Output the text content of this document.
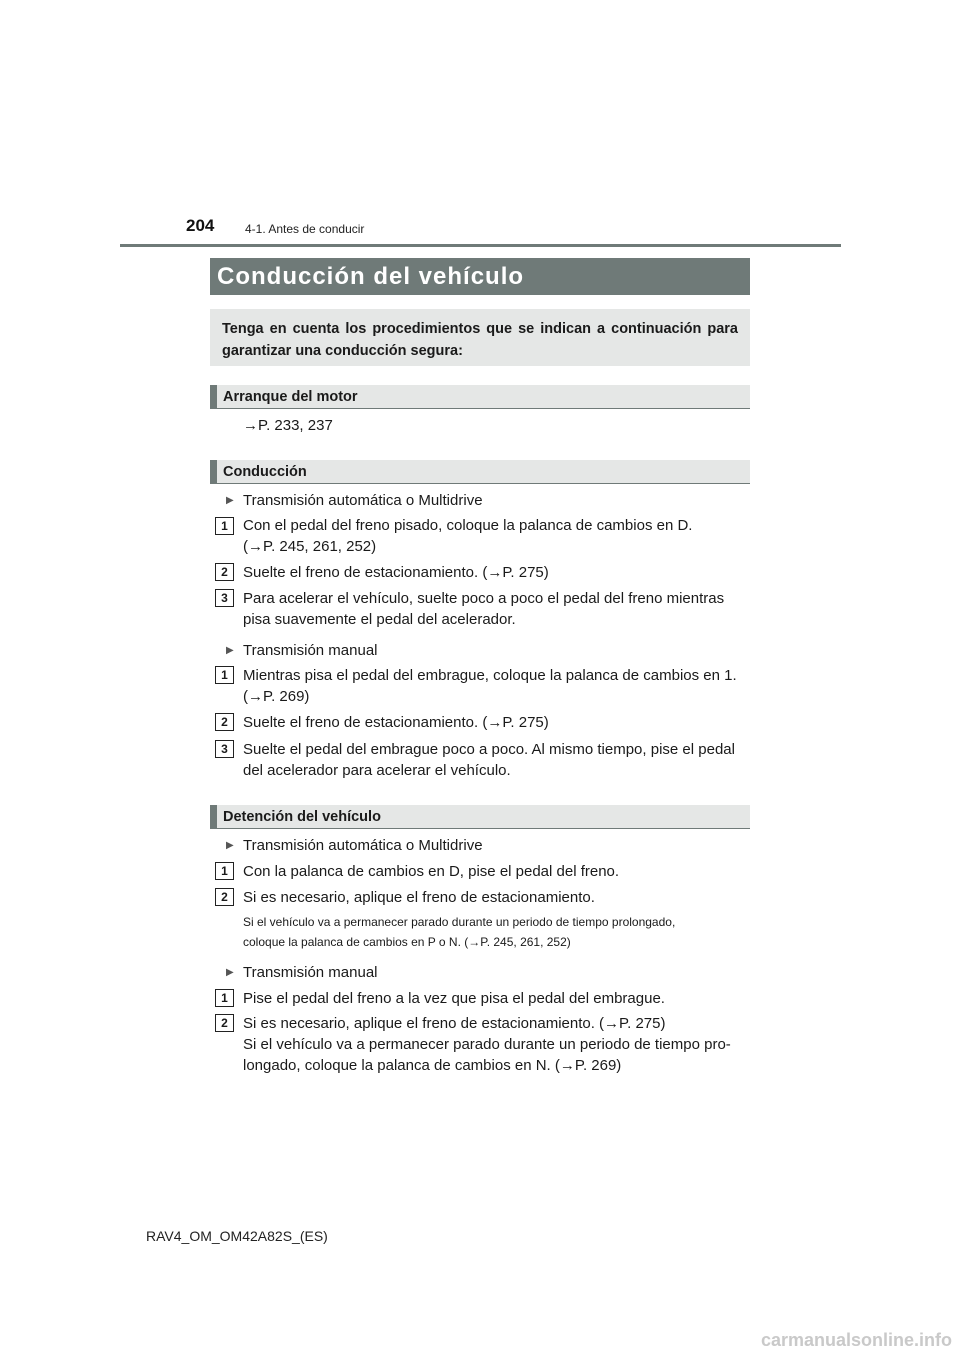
204	4-1. Antes de conducir
Conducción del vehículo
Tenga en cuenta los procedimientos que se indican a continuación para garantizar una conducción segura:
Arranque del motor
→P. 233, 237
Conducción
▶ Transmisión automática o Multidrive
1	Con el pedal del freno pisado, coloque la palanca de cambios en D.
(→P. 245, 261, 252)
2	Suelte el freno de estacionamiento. (→P. 275)
3	Para acelerar el vehículo, suelte poco a poco el pedal del freno mientras
pisa suavemente el pedal del acelerador.
▶ Transmisión manual
1	Mientras pisa el pedal del embrague, coloque la palanca de cambios en 1.
(→P. 269)
2	Suelte el freno de estacionamiento. (→P. 275)
3	Suelte el pedal del embrague poco a poco. Al mismo tiempo, pise el pedal
del acelerador para acelerar el vehículo.
Detención del vehículo
▶ Transmisión automática o Multidrive
1	Con la palanca de cambios en D, pise el pedal del freno.
2	Si es necesario, aplique el freno de estacionamiento.
Si el vehículo va a permanecer parado durante un periodo de tiempo prolongado,
coloque la palanca de cambios en P o N. (→P. 245, 261, 252)
▶ Transmisión manual
1	Pise el pedal del freno a la vez que pisa el pedal del embrague.
2	Si es necesario, aplique el freno de estacionamiento. (→P. 275)
Si el vehículo va a permanecer parado durante un periodo de tiempo pro-
longado, coloque la palanca de cambios en N. (→P. 269)
RAV4_OM_OM42A82S_(ES)
carmanualsonline.info
